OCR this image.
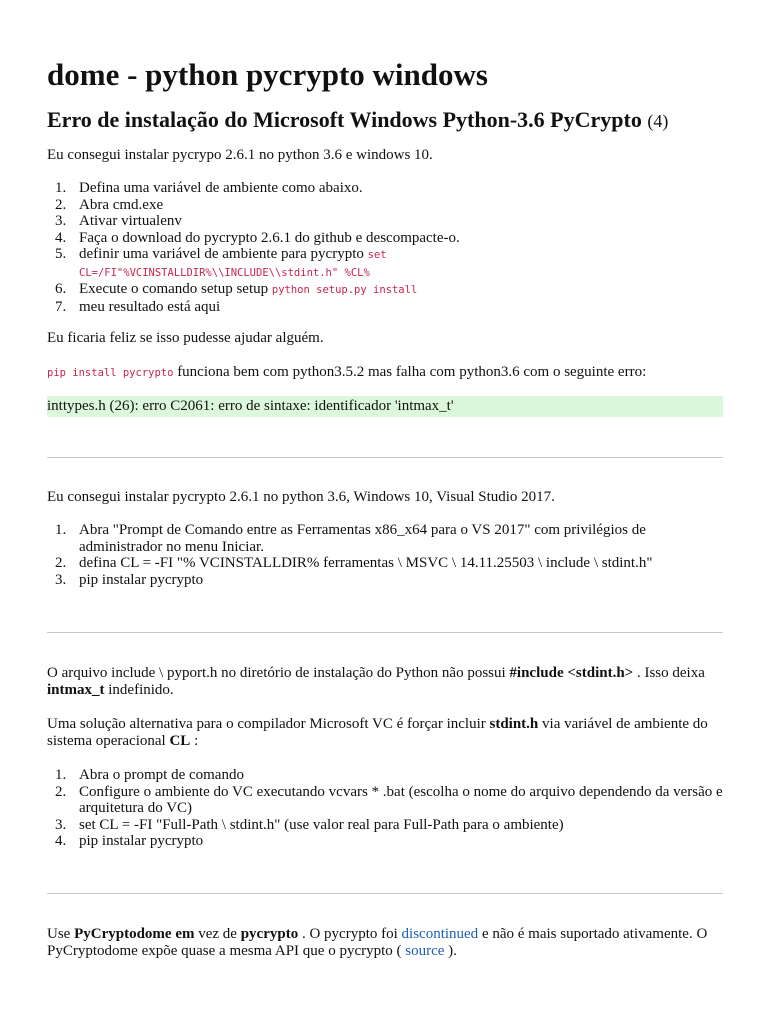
dome - python pycrypto windows
Erro de instalação do Microsoft Windows Python-3.6 PyCrypto (4)

Eu consegui instalar pycrypo 2.6.1 no python 3.6 e windows 10.

1. Defina uma variável de ambiente como abaixo.
2. Abra cmd.exe
3. Ativar virtualenv
4. Faça o download do pycrypto 2.6.1 do github e descompacte-o.
5. definir uma variável de ambiente para pycrypto set CL=/FI"%VCINSTALLDIR%\\INCLUDE\\stdint.h" %CL%
6. Execute o comando setup setup python setup.py install
7. meu resultado está aqui

Eu ficaria feliz se isso pudesse ajudar alguém.

pip install pycrypto funciona bem com python3.5.2 mas falha com python3.6 com o seguinte erro:

inttypes.h (26): erro C2061: erro de sintaxe: identificador 'intmax_t'

Eu consegui instalar pycrypto 2.6.1 no python 3.6, Windows 10, Visual Studio 2017.

1. Abra "Prompt de Comando entre as Ferramentas x86_x64 para o VS 2017" com privilégios de administrador no menu Iniciar.
2. defina CL = -FI "% VCINSTALLDIR% ferramentas \ MSVC \ 14.11.25503 \ include \ stdint.h"
3. pip instalar pycrypto

O arquivo include \ pyport.h no diretório de instalação do Python não possui #include <stdint.h> . Isso deixa intmax_t indefinido.

Uma solução alternativa para o compilador Microsoft VC é forçar incluir stdint.h via variável de ambiente do sistema operacional CL :

1. Abra o prompt de comando
2. Configure o ambiente do VC executando vcvars * .bat (escolha o nome do arquivo dependendo da versão e arquitetura do VC)
3. set CL = -FI "Full-Path \ stdint.h" (use valor real para Full-Path para o ambiente)
4. pip instalar pycrypto

Use PyCryptodome em vez de pycrypto . O pycrypto foi discontinued e não é mais suportado ativamente. O PyCryptodome expõe quase a mesma API que o pycrypto ( source ).
